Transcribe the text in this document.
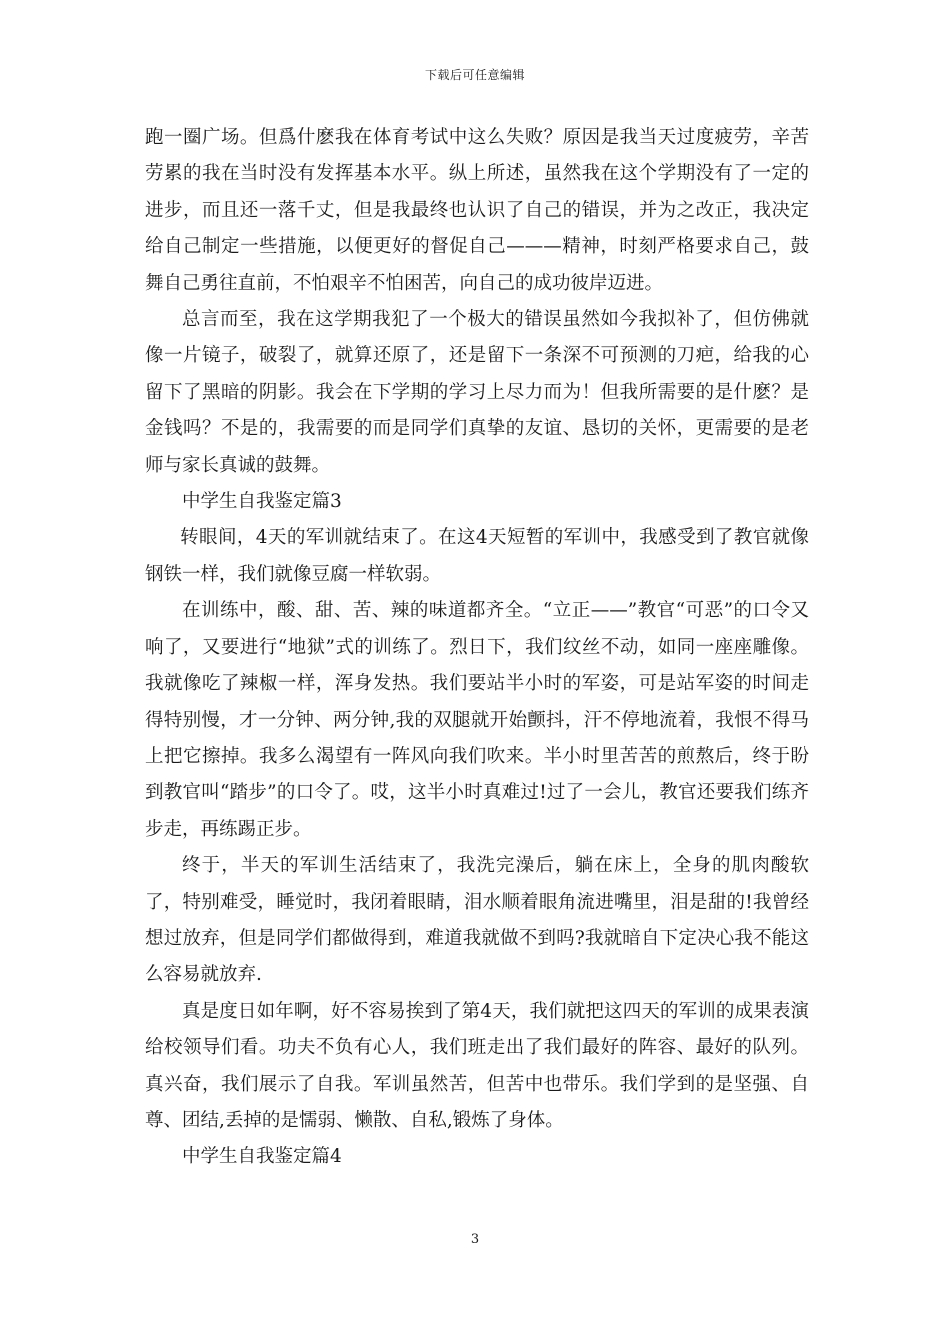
下载后可任意编辑

跑一圈广场。但爲什麽我在体育考试中这么失败？原因是我当天过度疲劳，辛苦劳累的我在当时没有发挥基本水平。纵上所述，虽然我在这个学期没有了一定的进步，而且还一落千丈，但是我最终也认识了自己的错误，并为之改正，我决定给自己制定一些措施，以便更好的督促自己———精神，时刻严格要求自己，鼓舞自己勇往直前，不怕艰辛不怕困苦，向自己的成功彼岸迈进。

总言而至，我在这学期我犯了一个极大的错误虽然如今我拟补了，但仿佛就像一片镜子，破裂了，就算还原了，还是留下一条深不可预测的刀疤，给我的心留下了黑暗的阴影。我会在下学期的学习上尽力而为！但我所需要的是什麽？是金钱吗？不是的，我需要的而是同学们真挚的友谊、恳切的关怀，更需要的是老师与家长真诚的鼓舞。

中学生自我鉴定篇3

转眼间，4天的军训就结束了。在这4天短暂的军训中，我感受到了教官就像钢铁一样，我们就像豆腐一样软弱。

在训练中，酸、甜、苦、辣的味道都齐全。“立正——”教官“可恶”的口令又响了，又要进行“地狱”式的训练了。烈日下，我们纹丝不动，如同一座座雕像。我就像吃了辣椒一样，浑身发热。我们要站半小时的军姿，可是站军姿的时间走得特别慢，才一分钟、两分钟,我的双腿就开始颤抖，汗不停地流着，我恨不得马上把它擦掉。我多么渴望有一阵风向我们吹来。半小时里苦苦的煎熬后，终于盼到教官叫“踏步”的口令了。哎，这半小时真难过!过了一会儿，教官还要我们练齐步走，再练踢正步。

终于，半天的军训生活结束了，我洗完澡后，躺在床上，全身的肌肉酸软了，特别难受，睡觉时，我闭着眼睛，泪水顺着眼角流进嘴里，泪是甜的!我曾经想过放弃，但是同学们都做得到，难道我就做不到吗?我就暗自下定决心我不能这么容易就放弃.

真是度日如年啊，好不容易挨到了第4天，我们就把这四天的军训的成果表演给校领导们看。功夫不负有心人，我们班走出了我们最好的阵容、最好的队列。真兴奋，我们展示了自我。军训虽然苦，但苦中也带乐。我们学到的是坚强、自尊、团结,丢掉的是懦弱、懒散、自私,锻炼了身体。

中学生自我鉴定篇4

3
